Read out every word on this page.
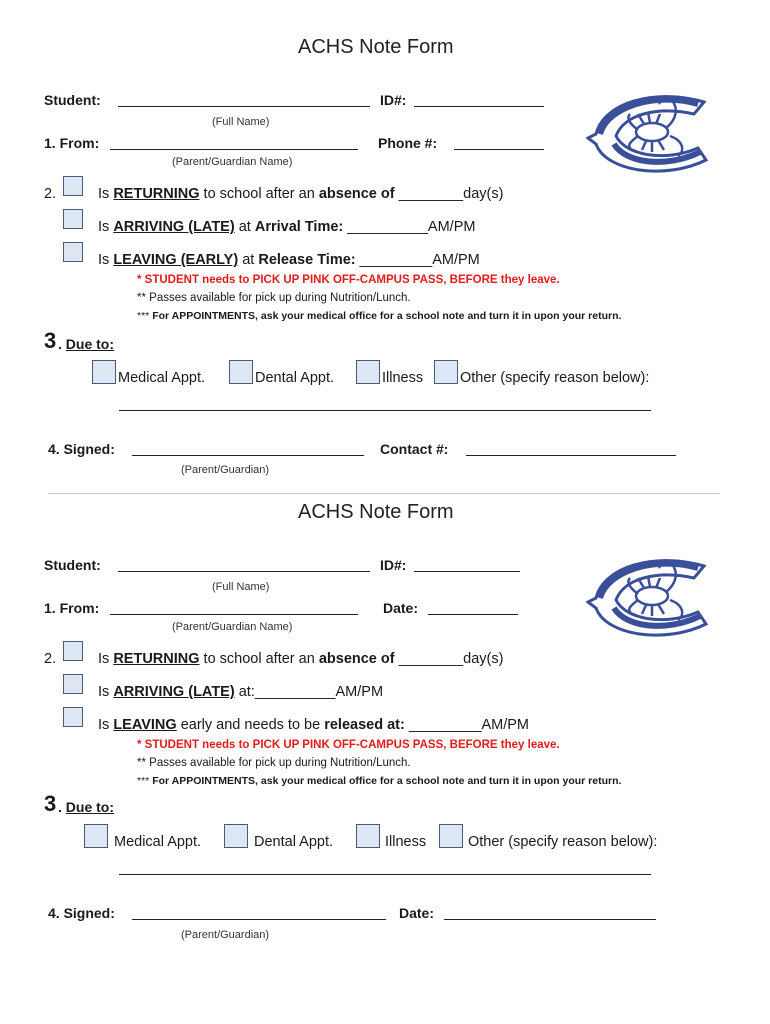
ACHS Note Form
Student:	ID#:
(Full Name)
1. From:	Phone #:
(Parent/Guardian Name)
2.	Is RETURNING to school after an absence of ________day(s)
Is ARRIVING (LATE) at Arrival Time: __________AM/PM
Is LEAVING (EARLY) at Release Time: _________AM/PM
* STUDENT needs to PICK UP PINK OFF-CAMPUS PASS, BEFORE they leave.
** Passes available for pick up during Nutrition/Lunch.
*** For APPOINTMENTS, ask your medical office for a school note and turn it in upon your return.
3 . Due to:
Medical Appt.	Dental Appt.	Illness	Other (specify reason below):
4. Signed:	Contact #:
(Parent/Guardian)
ACHS Note Form
Student:	ID#:
(Full Name)
1. From:	Date:
(Parent/Guardian Name)
2.	Is RETURNING to school after an absence of ________day(s)
Is ARRIVING (LATE) at:__________AM/PM
Is LEAVING early and needs to be released at: _________AM/PM
* STUDENT needs to PICK UP PINK OFF-CAMPUS PASS, BEFORE they leave.
** Passes available for pick up during Nutrition/Lunch.
*** For APPOINTMENTS, ask your medical office for a school note and turn it in upon your return.
3 . Due to:
Medical Appt.	Dental Appt.	Illness	Other (specify reason below):
4. Signed:	Date:
(Parent/Guardian)
